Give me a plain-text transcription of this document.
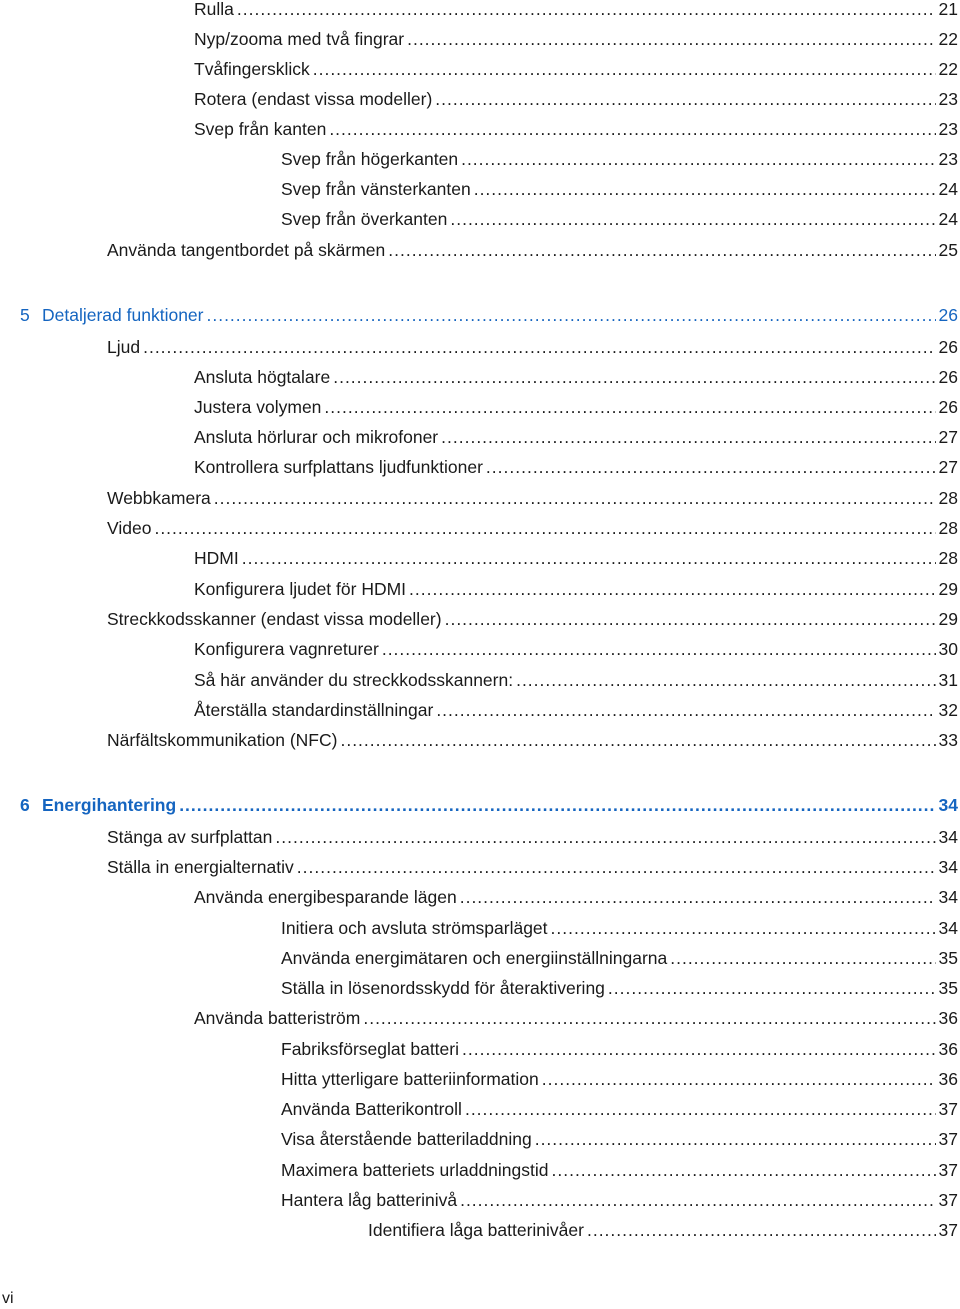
Rulla .....	21
Nyp/zooma med två fingrar .....	22
Tvåfingersklick .....	22
Rotera (endast vissa modeller) .....	23
Svep från kanten .....	23
Svep från högerkanten .....	23
Svep från vänsterkanten .....	24
Svep från överkanten .....	24
Använda tangentbordet på skärmen .....	25
5 Detaljerad funktioner .....	26
Ljud .....	26
Ansluta högtalare .....	26
Justera volymen .....	26
Ansluta hörlurar och mikrofoner .....	27
Kontrollera surfplattans ljudfunktioner .....	27
Webbkamera .....	28
Video .....	28
HDMI .....	28
Konfigurera ljudet för HDMI .....	29
Streckkodsskanner (endast vissa modeller) .....	29
Konfigurera vagnreturer .....	30
Så här använder du streckkodsskannern: .....	31
Återställa standardinställningar .....	32
Närfältskommunikation (NFC) .....	33
6 Energihantering .....	34
Stänga av surfplattan .....	34
Ställa in energialternativ .....	34
Använda energibesparande lägen .....	34
Initiera och avsluta strömsparläget .....	34
Använda energimätaren och energiinställningarna .....	35
Ställa in lösenordsskydd för återaktivering .....	35
Använda batteriström .....	36
Fabriksförseglat batteri .....	36
Hitta ytterligare batteriinformation .....	36
Använda Batterikontroll .....	37
Visa återstående batteriladdning .....	37
Maximera batteriets urladdningstid .....	37
Hantera låg batterinivå .....	37
Identifiera låga batterinivåer .....	37
vi
